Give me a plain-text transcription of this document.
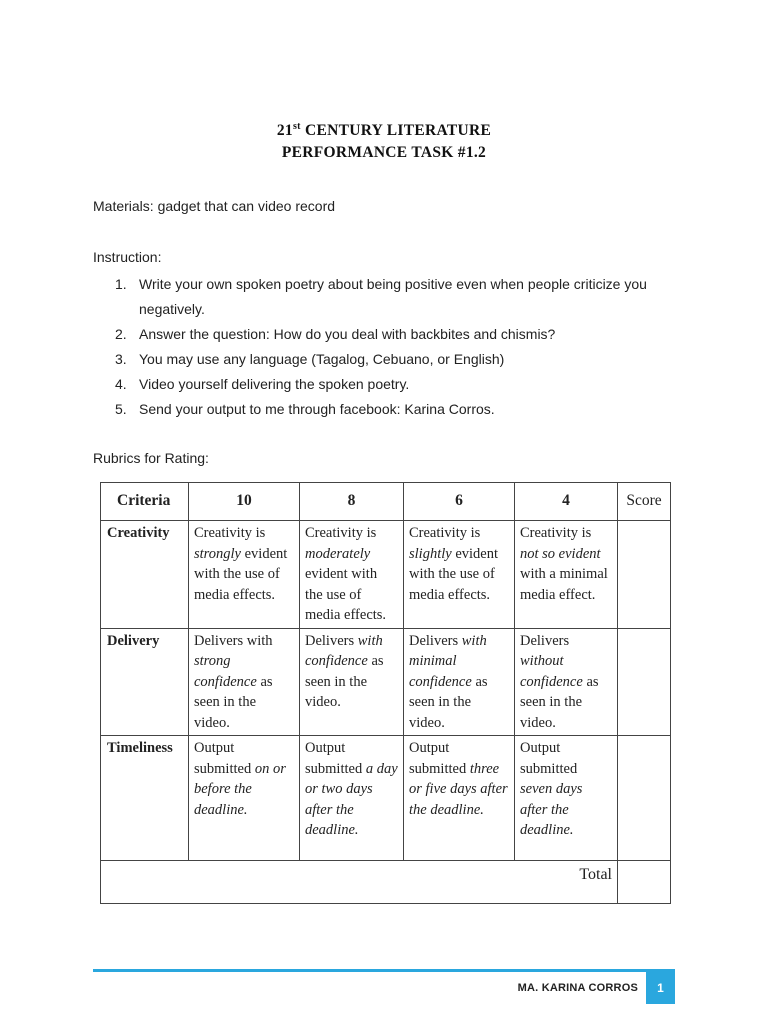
21st CENTURY LITERATURE
PERFORMANCE TASK #1.2
Materials: gadget that can video record
Instruction:
1. Write your own spoken poetry about being positive even when people criticize you negatively.
2. Answer the question: How do you deal with backbites and chismis?
3. You may use any language (Tagalog, Cebuano, or English)
4. Video yourself delivering the spoken poetry.
5. Send your output to me through facebook: Karina Corros.
Rubrics for Rating:
Criteria	10	8	6	4	Score
Creativity	Creativity is strongly evident with the use of media effects.	Creativity is moderately evident with the use of media effects.	Creativity is slightly evident with the use of media effects.	Creativity is not so evident with a minimal media effect.	
Delivery	Delivers with strong confidence as seen in the video.	Delivers with confidence as seen in the video.	Delivers with minimal confidence as seen in the video.	Delivers without confidence as seen in the video.	
Timeliness	Output submitted on or before the deadline.	Output submitted a day or two days after the deadline.	Output submitted three or five days after the deadline.	Output submitted seven days after the deadline.	
Total					
MA. KARINA CORROS	1
